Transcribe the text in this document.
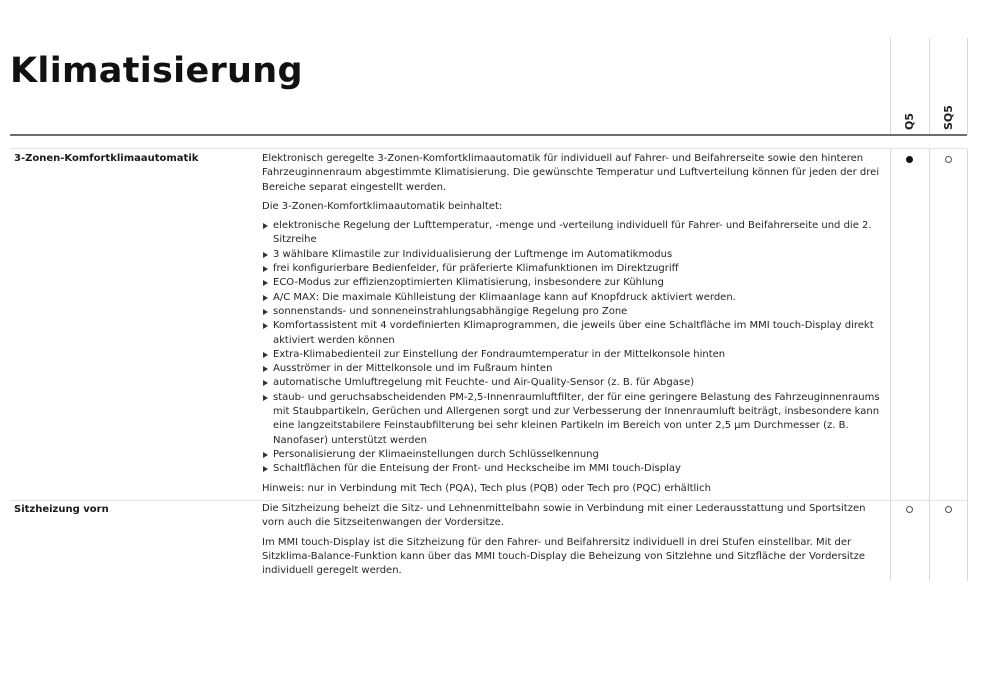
Klimatisierung
Q5 SQ5
3-Zonen-Komfortklimaautomatik	Elektronisch geregelte 3-Zonen-Komfortklimaautomatik für individuell auf Fahrer- und Beifahrerseite sowie den hinteren Fahrzeuginnenraum abgestimmte Klimatisierung. Die gewünschte Temperatur und Luftverteilung können für jeden der drei Bereiche separat eingestellt werden.

Die 3-Zonen-Komfortklimaautomatik beinhaltet:

elektronische Regelung der Lufttemperatur, -menge und -verteilung individuell für Fahrer- und Beifahrerseite und die 2. Sitzreihe
3 wählbare Klimastile zur Individualisierung der Luftmenge im Automatikmodus
frei konfigurierbare Bedienfelder, für präferierte Klimafunktionen im Direktzugriff
ECO-Modus zur effizienzoptimierten Klimatisierung, insbesondere zur Kühlung
A/C MAX: Die maximale Kühlleistung der Klimaanlage kann auf Knopfdruck aktiviert werden.
sonnenstands- und sonneneinstrahlungsabhängige Regelung pro Zone
Komfortassistent mit 4 vordefinierten Klimaprogrammen, die jeweils über eine Schaltfläche im MMI touch-Display direkt aktiviert werden können
Extra-Klimabedienteil zur Einstellung der Fondraumtemperatur in der Mittelkonsole hinten
Ausströmer in der Mittelkonsole und im Fußraum hinten
automatische Umluftregelung mit Feuchte- und Air-Quality-Sensor (z. B. für Abgase)
staub- und geruchsabscheidenden PM-2,5-Innenraumluftfilter, der für eine geringere Belastung des Fahrzeuginnenraums mit Staubpartikeln, Gerüchen und Allergenen sorgt und zur Verbesserung der Innenraumluft beiträgt, insbesondere kann eine langzeitstabilere Feinstaubfilterung bei sehr kleinen Partikeln im Bereich von unter 2,5 µm Durchmesser (z. B. Nanofaser) unterstützt werden
Personalisierung der Klimaeinstellungen durch Schlüsselkennung
Schaltflächen für die Enteisung der Front- und Heckscheibe im MMI touch-Display

Hinweis: nur in Verbindung mit Tech (PQA), Tech plus (PQB) oder Tech pro (PQC) erhältlich

Sitzheizung vorn	Die Sitzheizung beheizt die Sitz- und Lehnenmittelbahn sowie in Verbindung mit einer Lederausstattung und Sportsitzen vorn auch die Sitzseitenwangen der Vordersitze.

Im MMI touch-Display ist die Sitzheizung für den Fahrer- und Beifahrersitz individuell in drei Stufen einstellbar. Mit der Sitzklima-Balance-Funktion kann über das MMI touch-Display die Beheizung von Sitzlehne und Sitzfläche der Vordersitze individuell geregelt werden.
